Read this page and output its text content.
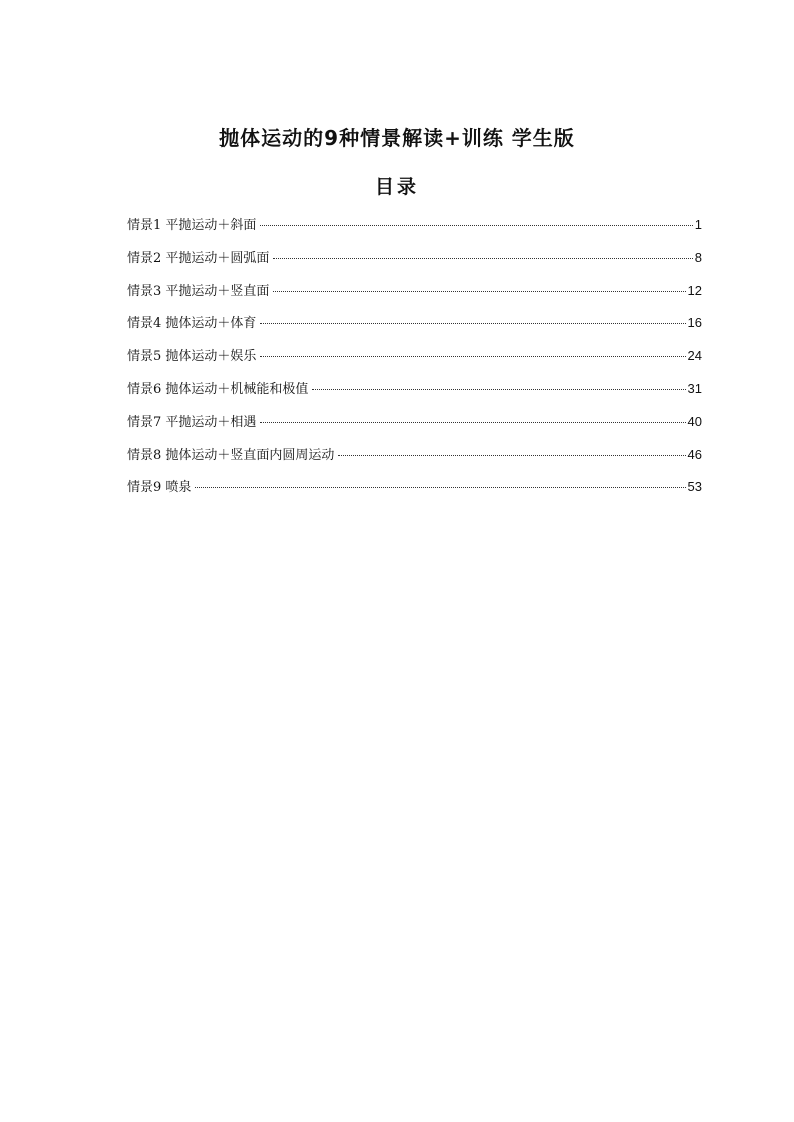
抛体运动的9种情景解读+训练 学生版
目录
情景1 平抛运动＋斜面	1
情景2 平抛运动＋圆弧面	8
情景3 平抛运动＋竖直面	12
情景4 抛体运动＋体育	16
情景5 抛体运动＋娱乐	24
情景6 抛体运动＋机械能和极值	31
情景7 平抛运动＋相遇	40
情景8 抛体运动＋竖直面内圆周运动	46
情景9 喷泉	53
